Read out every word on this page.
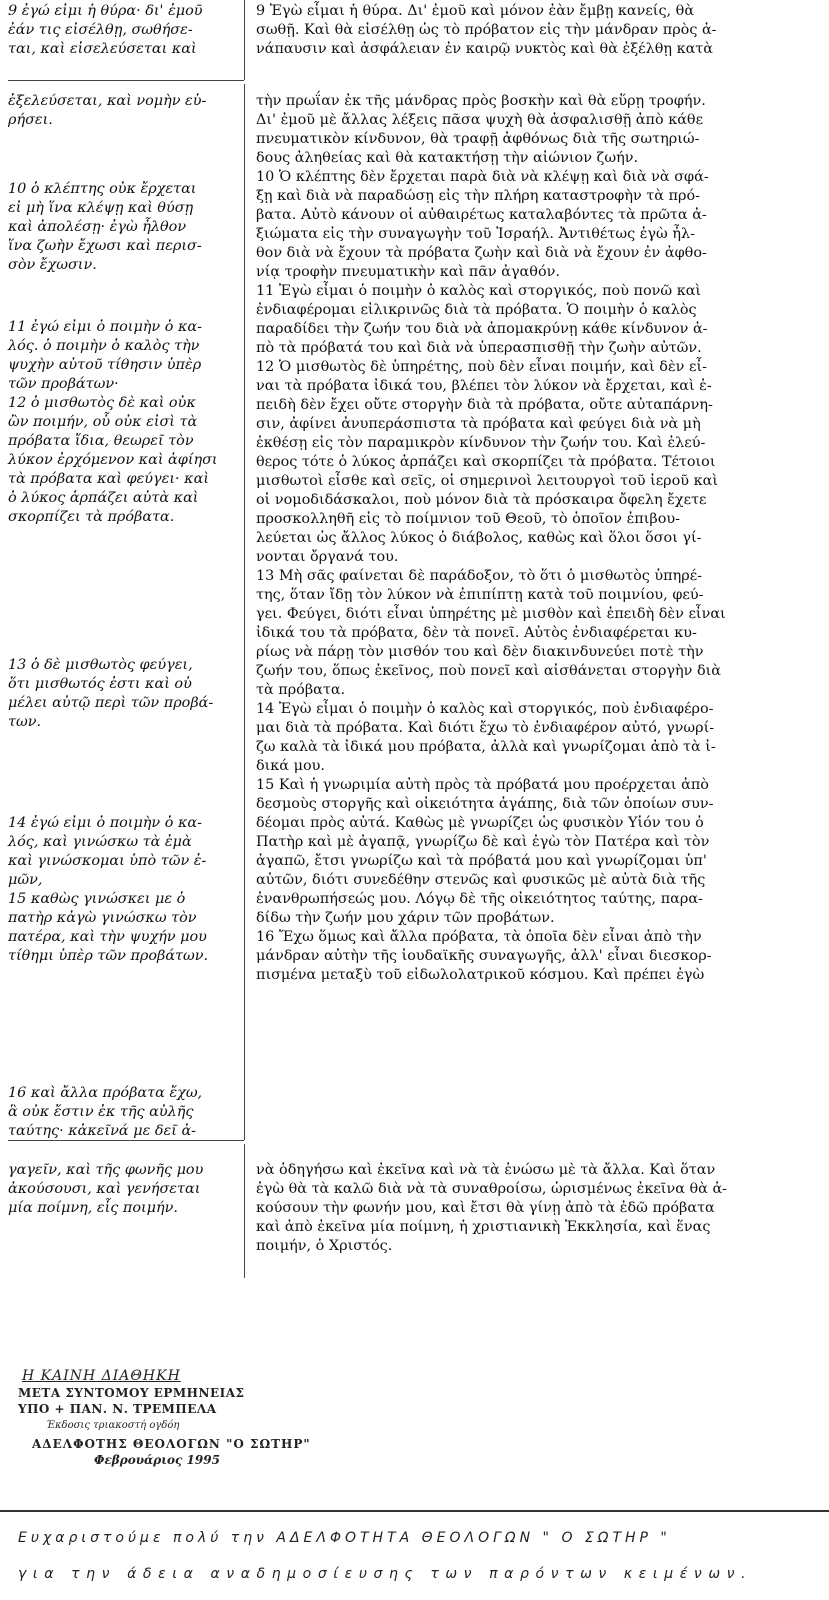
9 ἐγώ εἰμι ἡ θύρα· δι' ἐμοῦ
ἐάν τις εἰσέλθῃ, σωθήσε-
ται, καὶ εἰσελεύσεται καὶ

ἐξελεύσεται, καὶ νομὴν εὑ-
ρήσει.

10 ὁ κλέπτης οὐκ ἔρχεται
εἰ μὴ ἵνα κλέψῃ καὶ θύσῃ
καὶ ἀπολέσῃ· ἐγὼ ἦλθον
ἵνα ζωὴν ἔχωσι καὶ περισ-
σὸν ἔχωσιν.

11 ἐγώ εἰμι ὁ ποιμὴν ὁ κα-
λός. ὁ ποιμὴν ὁ καλὸς τὴν
ψυχὴν αὐτοῦ τίθησιν ὑπὲρ
τῶν προβάτων·
12 ὁ μισθωτὸς δὲ καὶ οὐκ
ὢν ποιμήν, οὗ οὐκ εἰσὶ τὰ
πρόβατα ἴδια, θεωρεῖ τὸν
λύκον ἐρχόμενον καὶ ἀφίησι
τὰ πρόβατα καὶ φεύγει· καὶ
ὁ λύκος ἁρπάζει αὐτὰ καὶ
σκορπίζει τὰ πρόβατα.

13 ὁ δὲ μισθωτὸς φεύγει,
ὅτι μισθωτός ἐστι καὶ οὐ
μέλει αὐτῷ περὶ τῶν προβά-
των.

14 ἐγώ εἰμι ὁ ποιμὴν ὁ κα-
λός, καὶ γινώσκω τὰ ἐμὰ
καὶ γινώσκομαι ὑπὸ τῶν ἐ-
μῶν,
15 καθὼς γινώσκει με ὁ
πατὴρ κἀγὼ γινώσκω τὸν
πατέρα, καὶ τὴν ψυχήν μου
τίθημι ὑπὲρ τῶν προβάτων.

16 καὶ ἄλλα πρόβατα ἔχω,
ἃ οὐκ ἔστιν ἐκ τῆς αὐλῆς
ταύτης· κἀκεῖνά με δεῖ ἀ-

γαγεῖν, καὶ τῆς φωνῆς μου
ἀκούσουσι, καὶ γενήσεται
μία ποίμνη, εἷς ποιμήν.

9 Ἐγὼ εἶμαι ἡ θύρα. Δι' ἐμοῦ καὶ μόνον ἐὰν ἔμβῃ κανείς, θὰ
σωθῇ. Καὶ θὰ εἰσέλθῃ ὡς τὸ πρόβατον εἰς τὴν μάνδραν πρὸς ἀ-
νάπαυσιν καὶ ἀσφάλειαν ἐν καιρῷ νυκτὸς καὶ θὰ ἐξέλθῃ κατὰ

τὴν πρωΐαν ἐκ τῆς μάνδρας πρὸς βοσκὴν καὶ θὰ εὕρῃ τροφήν.
Δι' ἐμοῦ μὲ ἄλλας λέξεις πᾶσα ψυχὴ θὰ ἀσφαλισθῇ ἀπὸ κάθε
πνευματικὸν κίνδυνον, θὰ τραφῇ ἀφθόνως διὰ τῆς σωτηριώ-
δους ἀληθείας καὶ θὰ κατακτήσῃ τὴν αἰώνιον ζωήν.
10 Ὁ κλέπτης δὲν ἔρχεται παρὰ διὰ νὰ κλέψῃ καὶ διὰ νὰ σφά-
ξῃ καὶ διὰ νὰ παραδώσῃ εἰς τὴν πλήρη καταστροφὴν τὰ πρό-
βατα. Αὐτὸ κάνουν οἱ αὐθαιρέτως καταλαβόντες τὰ πρῶτα ἀ-
ξιώματα εἰς τὴν συναγωγὴν τοῦ Ἰσραήλ. Ἀντιθέτως ἐγὼ ἦλ-
θον διὰ νὰ ἔχουν τὰ πρόβατα ζωὴν καὶ διὰ νὰ ἔχουν ἐν ἀφθο-
νίᾳ τροφὴν πνευματικὴν καὶ πᾶν ἀγαθόν.
11 Ἐγὼ εἶμαι ὁ ποιμὴν ὁ καλὸς καὶ στοργικός, ποὺ πονῶ καὶ
ἐνδιαφέρομαι εἰλικρινῶς διὰ τὰ πρόβατα. Ὁ ποιμὴν ὁ καλὸς
παραδίδει τὴν ζωήν του διὰ νὰ ἀπομακρύνῃ κάθε κίνδυνον ἀ-
πὸ τὰ πρόβατά του καὶ διὰ νὰ ὑπερασπισθῇ τὴν ζωὴν αὐτῶν.
12 Ὁ μισθωτὸς δὲ ὑπηρέτης, ποὺ δὲν εἶναι ποιμήν, καὶ δὲν εἶ-
ναι τὰ πρόβατα ἰδικά του, βλέπει τὸν λύκον νὰ ἔρχεται, καὶ ἐ-
πειδὴ δὲν ἔχει οὔτε στοργὴν διὰ τὰ πρόβατα, οὔτε αὐταπάρνη-
σιν, ἀφίνει ἀνυπεράσπιστα τὰ πρόβατα καὶ φεύγει διὰ νὰ μὴ
ἐκθέσῃ εἰς τὸν παραμικρὸν κίνδυνον τὴν ζωήν του. Καὶ ἐλεύ-
θερος τότε ὁ λύκος ἁρπάζει καὶ σκορπίζει τὰ πρόβατα. Τέτοιοι
μισθωτοὶ εἶσθε καὶ σεῖς, οἱ σημερινοὶ λειτουργοὶ τοῦ ἱεροῦ καὶ
οἱ νομοδιδάσκαλοι, ποὺ μόνον διὰ τὰ πρόσκαιρα ὄφελη ἔχετε
προσκολληθῆ εἰς τὸ ποίμνιον τοῦ Θεοῦ, τὸ ὁποῖον ἐπιβου-
λεύεται ὡς ἄλλος λύκος ὁ διάβολος, καθὼς καὶ ὅλοι ὅσοι γί-
νονται ὄργανά του.
13 Μὴ σᾶς φαίνεται δὲ παράδοξον, τὸ ὅτι ὁ μισθωτὸς ὑπηρέ-
της, ὅταν ἴδῃ τὸν λύκον νὰ ἐπιπίπτῃ κατὰ τοῦ ποιμνίου, φεύ-
γει. Φεύγει, διότι εἶναι ὑπηρέτης μὲ μισθὸν καὶ ἐπειδὴ δὲν εἶναι
ἰδικά του τὰ πρόβατα, δὲν τὰ πονεῖ. Αὐτὸς ἐνδιαφέρεται κυ-
ρίως νὰ πάρῃ τὸν μισθόν του καὶ δὲν διακινδυνεύει ποτὲ τὴν
ζωήν του, ὅπως ἐκεῖνος, ποὺ πονεῖ καὶ αἰσθάνεται στοργὴν διὰ
τὰ πρόβατα.
14 Ἐγὼ εἶμαι ὁ ποιμὴν ὁ καλὸς καὶ στοργικός, ποὺ ἐνδιαφέρο-
μαι διὰ τὰ πρόβατα. Καὶ διότι ἔχω τὸ ἐνδιαφέρον αὐτό, γνωρί-
ζω καλὰ τὰ ἰδικά μου πρόβατα, ἀλλὰ καὶ γνωρίζομαι ἀπὸ τὰ ἰ-
δικά μου.
15 Καὶ ἡ γνωριμία αὐτὴ πρὸς τὰ πρόβατά μου προέρχεται ἀπὸ
δεσμοὺς στοργῆς καὶ οἰκειότητα ἀγάπης, διὰ τῶν ὁποίων συν-
δέομαι πρὸς αὐτά. Καθὼς μὲ γνωρίζει ὡς φυσικὸν Υἱόν του ὁ
Πατὴρ καὶ μὲ ἀγαπᾷ, γνωρίζω δὲ καὶ ἐγὼ τὸν Πατέρα καὶ τὸν
ἀγαπῶ, ἔτσι γνωρίζω καὶ τὰ πρόβατά μου καὶ γνωρίζομαι ὑπ'
αὐτῶν, διότι συνεδέθην στενῶς καὶ φυσικῶς μὲ αὐτὰ διὰ τῆς
ἐνανθρωπήσεώς μου. Λόγῳ δὲ τῆς οἰκειότητος ταύτης, παρα-
δίδω τὴν ζωήν μου χάριν τῶν προβάτων.
16 Ἔχω ὅμως καὶ ἄλλα πρόβατα, τὰ ὁποῖα δὲν εἶναι ἀπὸ τὴν
μάνδραν αὐτὴν τῆς ἰουδαϊκῆς συναγωγῆς, ἀλλ' εἶναι διεσκορ-
πισμένα μεταξὺ τοῦ εἰδωλολατρικοῦ κόσμου. Καὶ πρέπει ἐγὼ

νὰ ὁδηγήσω καὶ ἐκεῖνα καὶ νὰ τὰ ἑνώσω μὲ τὰ ἄλλα. Καὶ ὅταν
ἐγὼ θὰ τὰ καλῶ διὰ νὰ τὰ συναθροίσω, ὡρισμένως ἐκεῖνα θὰ ἀ-
κούσουν τὴν φωνήν μου, καὶ ἔτσι θὰ γίνῃ ἀπὸ τὰ ἐδῶ πρόβατα
καὶ ἀπὸ ἐκεῖνα μία ποίμνη, ἡ χριστιανικὴ Ἐκκλησία, καὶ ἕνας
ποιμήν, ὁ Χριστός.

Η ΚΑΙΝΗ ΔΙΑΘΗΚΗ
ΜΕΤΑ ΣΥΝΤΟΜΟΥ ΕΡΜΗΝΕΙΑΣ
ΥΠΟ + ΠΑΝ. Ν. ΤΡΕΜΠΕΛΑ
Έκδοσις τριακοστή ογδόη
ΑΔΕΛΦΟΤΗΣ ΘΕΟΛΟΓΩΝ "Ο ΣΩΤΗΡ"
Φεβρουάριος 1995
Ευχαριστούμε πολύ την ΑΔΕΛΦΟΤΗΤΑ ΘΕΟΛΟΓΩΝ " Ο ΣΩΤΗΡ "
για την άδεια αναδημοσίευσης των παρόντων κειμένων.
